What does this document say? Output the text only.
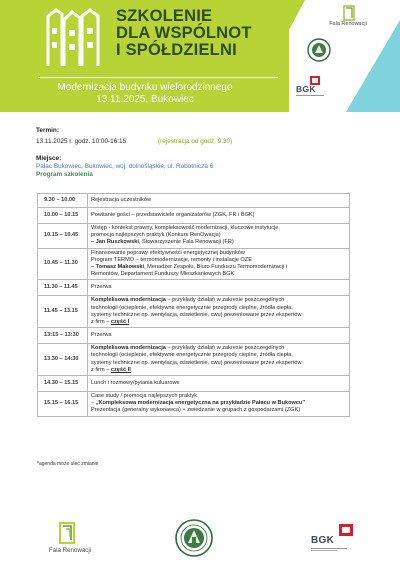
SZKOLENIE
DLA WSPÓLNOT
I SPÓŁDZIELNI
Modernizacja budynku wielorodzinnego
13.11.2025, Bukowiec
Fala Renowacji
BGK
Termin:
13.11.2025 r. godz. 10:00-16:15	(rejestracja od godz. 9.30)
Miejsce:
Pałac Bukowiec, Bukowiec, woj. dolnośląskie, ul. Robotnicza 6
Program szkolenia
9.30 – 10.00	Rejestracja uczestników
10.00 – 10.15	Powitanie gości – przedstawiciele organizatorów (ZGK, FR i BGK)
10.15 – 10.45	Wstęp - kontekst prawny, kompleksowość modernizacji, kluczowe instytucje,
promocja najlepszych praktyk (Konkurs RenOwacja)
– Jan Ruszkowski, Stowarzyszenie Fala Renowacji (FR)

10.45 – 11.30	Finansowanie poprawy efektywności energetycznej budynków
Program TERMO – termomodernizacje, remonty i instalacje OZE
– Tomasz Makowski, Menadżer Zespołu, Biuro Funduszu Termomodernizacji i
Remontów, Departament Funduszy Mieszkaniowych BGK

11.30 – 11.45	Przerwa
11.45 – 13.15	Kompleksowa modernizacja – przykłady działań w zakresie poszczególnych
technologii (ocieplenie, efektywne energetycznie przegrody cieplne, źródła ciepła,
systemy techniczne np. wentylacja, oświetlenie, cwu) prezentowane przez ekspertów
z firm – część I

13:15 – 13:30	Przerwa
13.30 – 14:30	Kompleksowa modernizacja – przykłady działań w zakresie poszczególnych
technologii (ocieplenie, efektywne energetycznie przegrody cieplne, źródła ciepła,
systemy techniczne np. wentylacja, oświetlenie, cwu) prezentowane przez ekspertów
z firm – część II

14.30 – 15.15	Lunch i rozmowy/pytania kuluarowe
15.15 – 16.15	Case study / promocja najlepszych praktyk
– „Kompleksowa modernizacja energetyczna na przykładzie Pałacu w Bukowcu”
Prezentacja (generalny wykonawca) + zwiedzanie w grupach z gospodarzami (ZGK)
*agenda może ulec zmianie
Fala Renowacji
BGK
